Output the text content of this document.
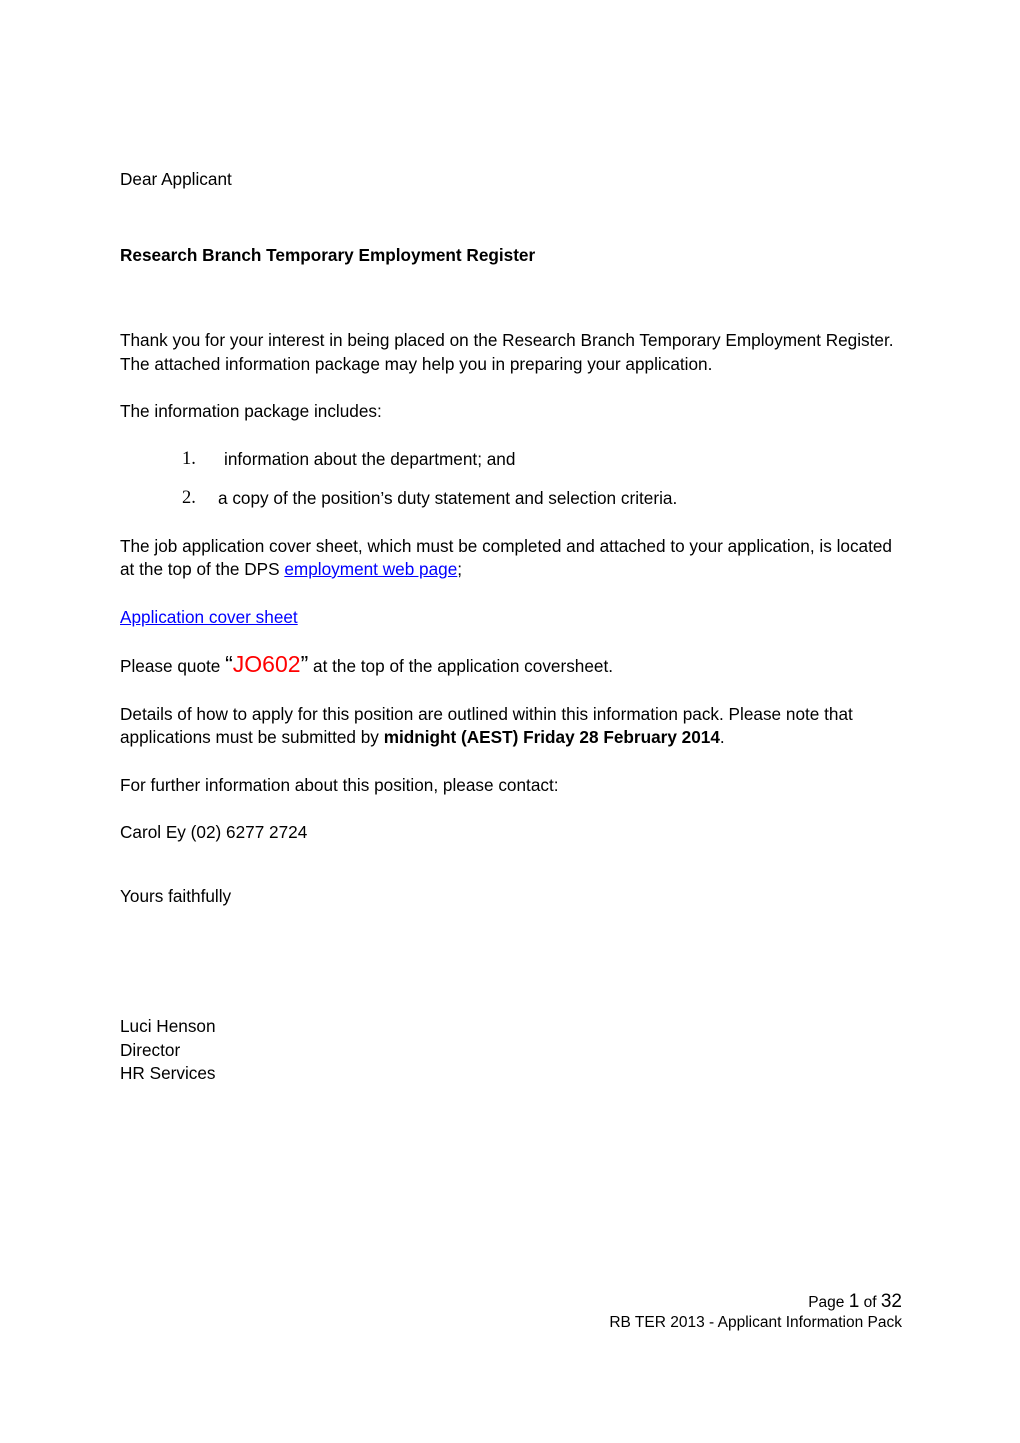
Dear Applicant

Research Branch Temporary Employment Register

Thank you for your interest in being placed on the Research Branch Temporary Employment Register. The attached information package may help you in preparing your application.

The information package includes:

1. information about the department; and
2. a copy of the position’s duty statement and selection criteria.

The job application cover sheet, which must be completed and attached to your application, is located at the top of the DPS employment web page;

Application cover sheet

Please quote “JO602” at the top of the application coversheet.

Details of how to apply for this position are outlined within this information pack. Please note that applications must be submitted by midnight (AEST) Friday 28 February 2014.

For further information about this position, please contact:

Carol Ey (02) 6277 2724

Yours faithfully

Luci Henson

Director

HR Services

Page 1 of 32

RB TER 2013 - Applicant Information Pack
